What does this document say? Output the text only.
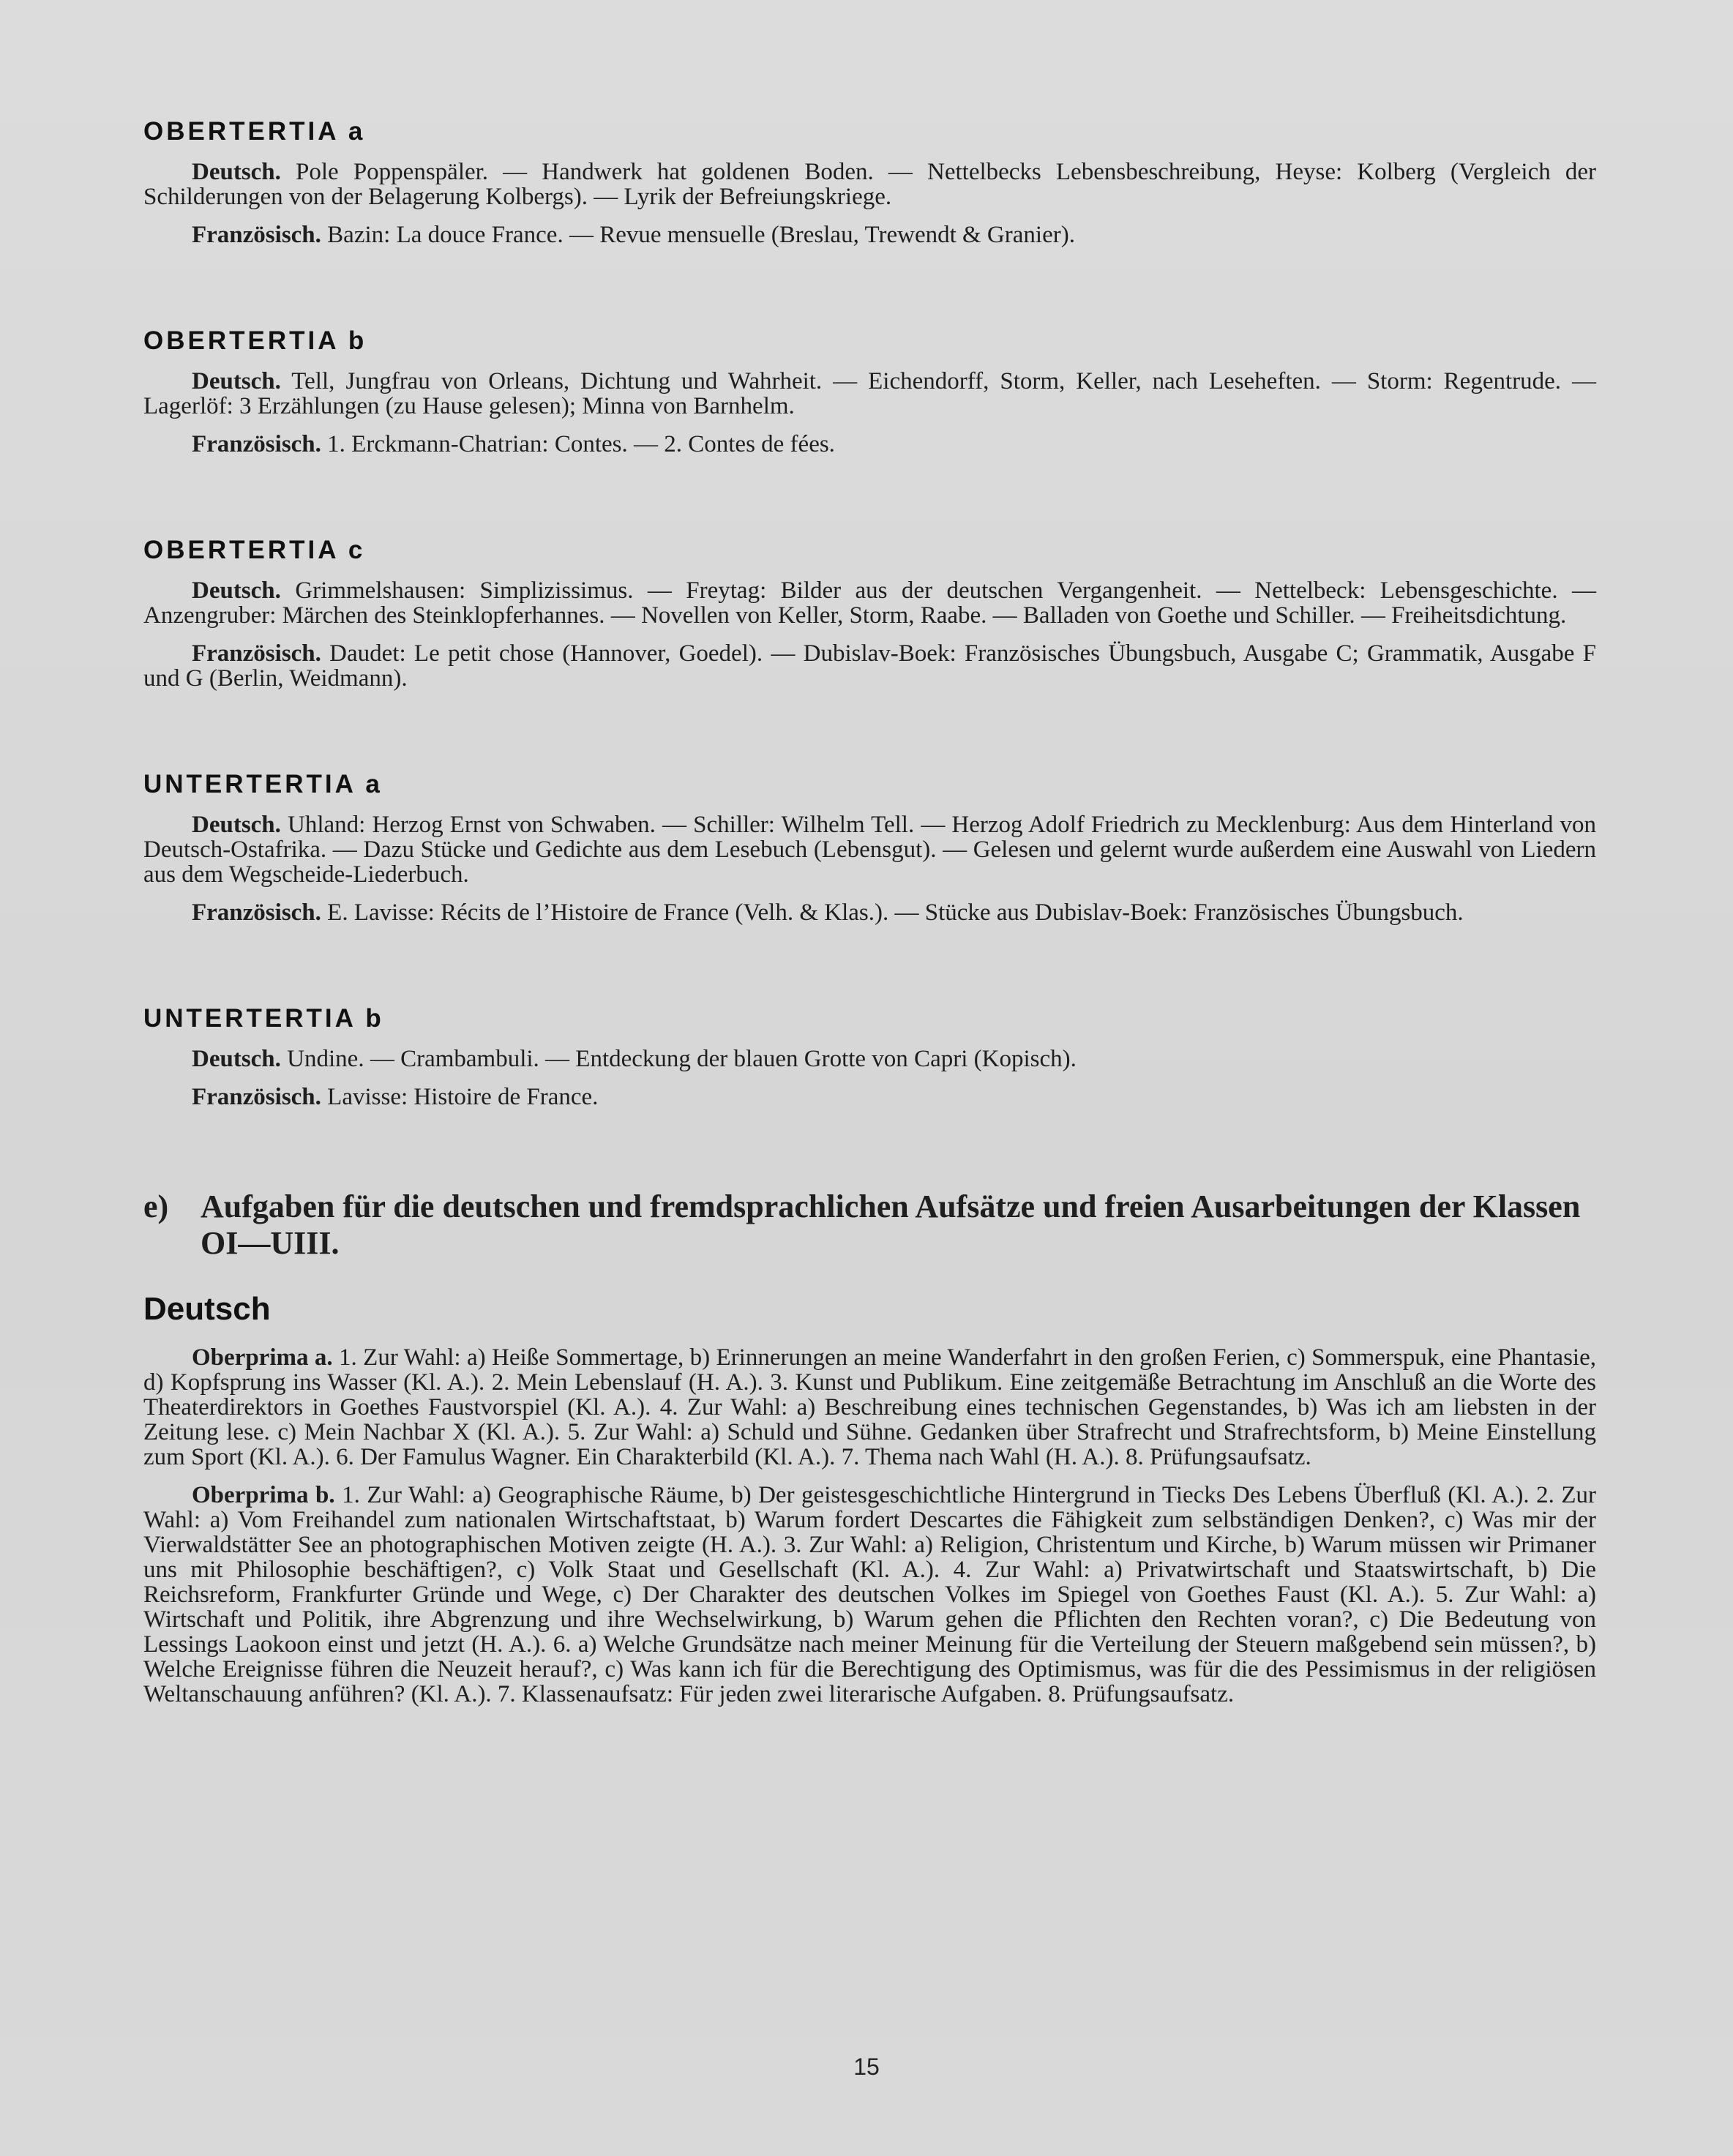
OBERTERTIA a

Deutsch. Pole Poppenspäler. — Handwerk hat goldenen Boden. — Nettelbecks Lebensbeschreibung, Heyse: Kolberg (Vergleich der Schilderungen von der Belagerung Kolbergs). — Lyrik der Befreiungskriege.

Französisch. Bazin: La douce France. — Revue mensuelle (Breslau, Trewendt & Granier).

OBERTERTIA b

Deutsch. Tell, Jungfrau von Orleans, Dichtung und Wahrheit. — Eichendorff, Storm, Keller, nach Leseheften. — Storm: Regentrude. — Lagerlöf: 3 Erzählungen (zu Hause gelesen); Minna von Barnhelm.

Französisch. 1. Erckmann-Chatrian: Contes. — 2. Contes de fées.

OBERTERTIA c

Deutsch. Grimmelshausen: Simplizissimus. — Freytag: Bilder aus der deutschen Vergangenheit. — Nettelbeck: Lebensgeschichte. — Anzengruber: Märchen des Steinklopferhannes. — Novellen von Keller, Storm, Raabe. — Balladen von Goethe und Schiller. — Freiheitsdichtung.

Französisch. Daudet: Le petit chose (Hannover, Goedel). — Dubislav-Boek: Französisches Übungsbuch, Ausgabe C; Grammatik, Ausgabe F und G (Berlin, Weidmann).

UNTERTERTIA a

Deutsch. Uhland: Herzog Ernst von Schwaben. — Schiller: Wilhelm Tell. — Herzog Adolf Friedrich zu Mecklenburg: Aus dem Hinterland von Deutsch-Ostafrika. — Dazu Stücke und Gedichte aus dem Lesebuch (Lebensgut). — Gelesen und gelernt wurde außerdem eine Auswahl von Liedern aus dem Wegscheide-Liederbuch.

Französisch. E. Lavisse: Récits de l’Histoire de France (Velh. & Klas.). — Stücke aus Dubislav-Boek: Französisches Übungsbuch.

UNTERTERTIA b

Deutsch. Undine. — Crambambuli. — Entdeckung der blauen Grotte von Capri (Kopisch).

Französisch. Lavisse: Histoire de France.

e) Aufgaben für die deutschen und fremdsprachlichen Aufsätze und freien Ausarbeitungen der Klassen OI—UIII.
Deutsch

Oberprima a. 1. Zur Wahl: a) Heiße Sommertage, b) Erinnerungen an meine Wanderfahrt in den großen Ferien, c) Sommerspuk, eine Phantasie, d) Kopfsprung ins Wasser (Kl. A.). 2. Mein Lebenslauf (H. A.). 3. Kunst und Publikum. Eine zeitgemäße Betrachtung im Anschluß an die Worte des Theaterdirektors in Goethes Faustvorspiel (Kl. A.). 4. Zur Wahl: a) Beschreibung eines technischen Gegenstandes, b) Was ich am liebsten in der Zeitung lese. c) Mein Nachbar X (Kl. A.). 5. Zur Wahl: a) Schuld und Sühne. Gedanken über Strafrecht und Strafrechtsform, b) Meine Einstellung zum Sport (Kl. A.). 6. Der Famulus Wagner. Ein Charakterbild (Kl. A.). 7. Thema nach Wahl (H. A.). 8. Prüfungsaufsatz.

Oberprima b. 1. Zur Wahl: a) Geographische Räume, b) Der geistesgeschichtliche Hintergrund in Tiecks Des Lebens Überfluß (Kl. A.). 2. Zur Wahl: a) Vom Freihandel zum nationalen Wirtschaftstaat, b) Warum fordert Descartes die Fähigkeit zum selbständigen Denken?, c) Was mir der Vierwaldstätter See an photographischen Motiven zeigte (H. A.). 3. Zur Wahl: a) Religion, Christentum und Kirche, b) Warum müssen wir Primaner uns mit Philosophie beschäftigen?, c) Volk Staat und Gesellschaft (Kl. A.). 4. Zur Wahl: a) Privatwirtschaft und Staatswirtschaft, b) Die Reichsreform, Frankfurter Gründe und Wege, c) Der Charakter des deutschen Volkes im Spiegel von Goethes Faust (Kl. A.). 5. Zur Wahl: a) Wirtschaft und Politik, ihre Abgrenzung und ihre Wechselwirkung, b) Warum gehen die Pflichten den Rechten voran?, c) Die Bedeutung von Lessings Laokoon einst und jetzt (H. A.). 6. a) Welche Grundsätze nach meiner Meinung für die Verteilung der Steuern maßgebend sein müssen?, b) Welche Ereignisse führen die Neuzeit herauf?, c) Was kann ich für die Berechtigung des Optimismus, was für die des Pessimismus in der religiösen Weltanschauung anführen? (Kl. A.). 7. Klassenaufsatz: Für jeden zwei literarische Aufgaben. 8. Prüfungsaufsatz.

15
